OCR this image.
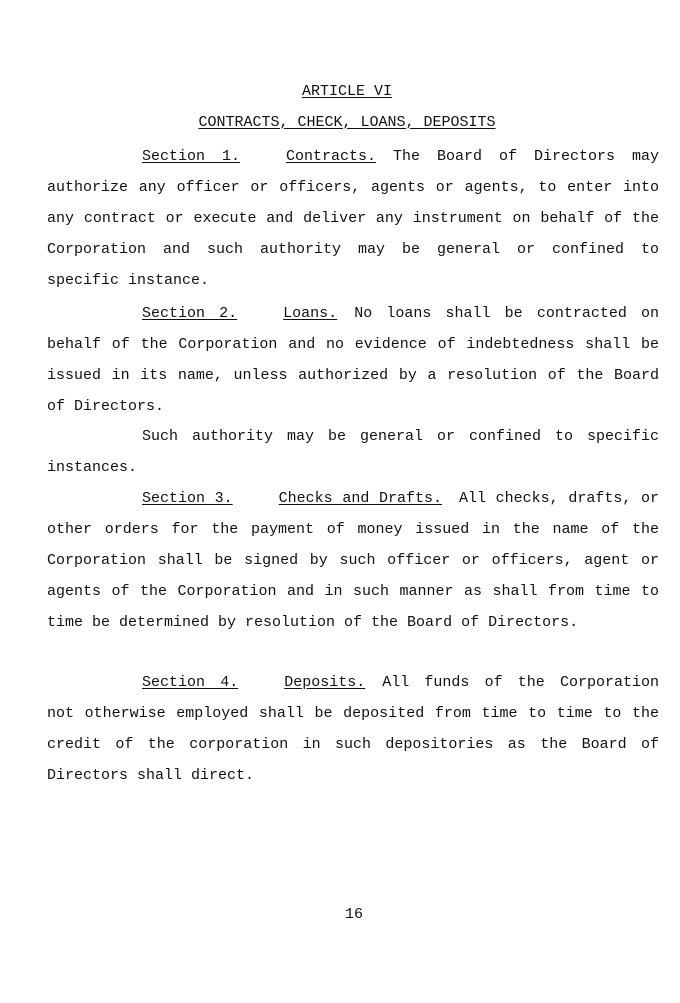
ARTICLE VI
CONTRACTS, CHECK, LOANS, DEPOSITS

Section 1.	Contracts. The Board of Directors may authorize any officer or officers, agents or agents, to enter into any contract or execute and deliver any instrument on behalf of the Corporation and such authority may be general or confined to specific instance.

Section 2.	Loans. No loans shall be contracted on behalf of the Corporation and no evidence of indebtedness shall be issued in its name, unless authorized by a resolution of the Board of Directors.

Such authority may be general or confined to specific instances.

Section 3.	Checks and Drafts. All checks, drafts, or other orders for the payment of money issued in the name of the Corporation shall be signed by such officer or officers, agent or agents of the Corporation and in such manner as shall from time to time be determined by resolution of the Board of Directors.

Section 4.	Deposits. All funds of the Corporation not otherwise employed shall be deposited from time to time to the credit of the corporation in such depositories as the Board of Directors shall direct.

16
